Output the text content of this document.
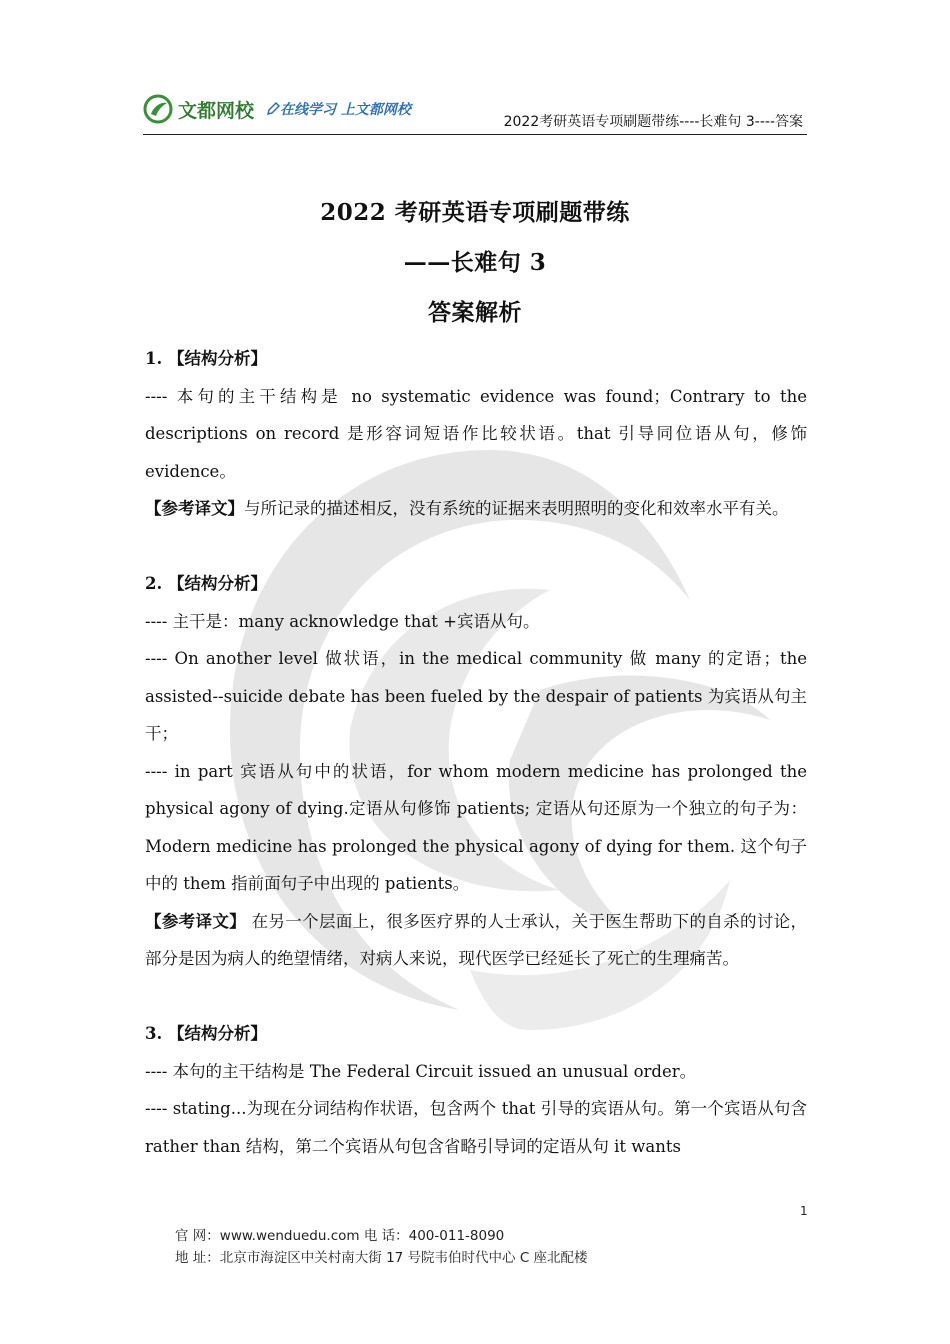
文都网校 在线学习 上文都网校
2022考研英语专项刷题带练----长难句 3----答案
2022 考研英语专项刷题带练
——长难句 3
答案解析

1. 【结构分析】

---- 本句的主干结构是 no systematic evidence was found；Contrary to the descriptions on record 是形容词短语作比较状语。that 引导同位语从句，修饰 evidence。

【参考译文】与所记录的描述相反，没有系统的证据来表明照明的变化和效率水平有关。

2. 【结构分析】

---- 主干是：many acknowledge that +宾语从句。

---- On another level 做状语，in the medical community 做 many 的定语；the assisted--suicide debate has been fueled by the despair of patients 为宾语从句主干；

---- in part 宾语从句中的状语，for whom modern medicine has prolonged the physical agony of dying.定语从句修饰 patients; 定语从句还原为一个独立的句子为：Modern medicine has prolonged the physical agony of dying for them. 这个句子中的 them 指前面句子中出现的 patients。

【参考译文】 在另一个层面上，很多医疗界的人士承认，关于医生帮助下的自杀的讨论，部分是因为病人的绝望情绪，对病人来说，现代医学已经延长了死亡的生理痛苦。

3. 【结构分析】

---- 本句的主干结构是 The Federal Circuit issued an unusual order。

---- stating...为现在分词结构作状语，包含两个 that 引导的宾语从句。第一个宾语从句含 rather than 结构，第二个宾语从句包含省略引导词的定语从句 it wants

1
官 网：www.wenduedu.com 电 话：400-011-8090
地 址：北京市海淀区中关村南大街 17 号院韦伯时代中心 C 座北配楼
